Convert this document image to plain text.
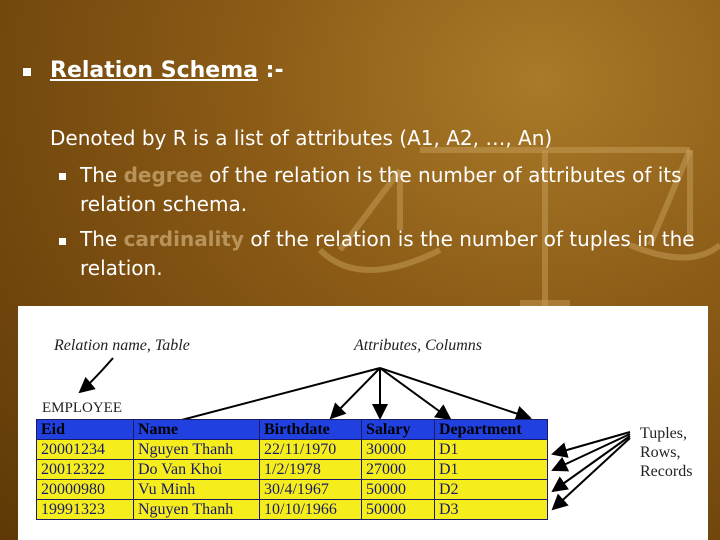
Relation Schema :-
Denoted by R is a list of attributes (A1, A2, …, An)
The degree of the relation is the number of attributes of its relation schema.
The cardinality of the relation is the number of tuples in the relation.
Relation name, Table	Attributes, Columns
EMPLOYEE
Eid	Name	Birthdate	Salary	Department
20001234	Nguyen Thanh	22/11/1970	30000	D1
20012322	Do Van Khoi	1/2/1978	27000	D1
20000980	Vu Minh	30/4/1967	50000	D2
19991323	Nguyen Thanh	10/10/1966	50000	D3
Tuples,
Rows,
Records
